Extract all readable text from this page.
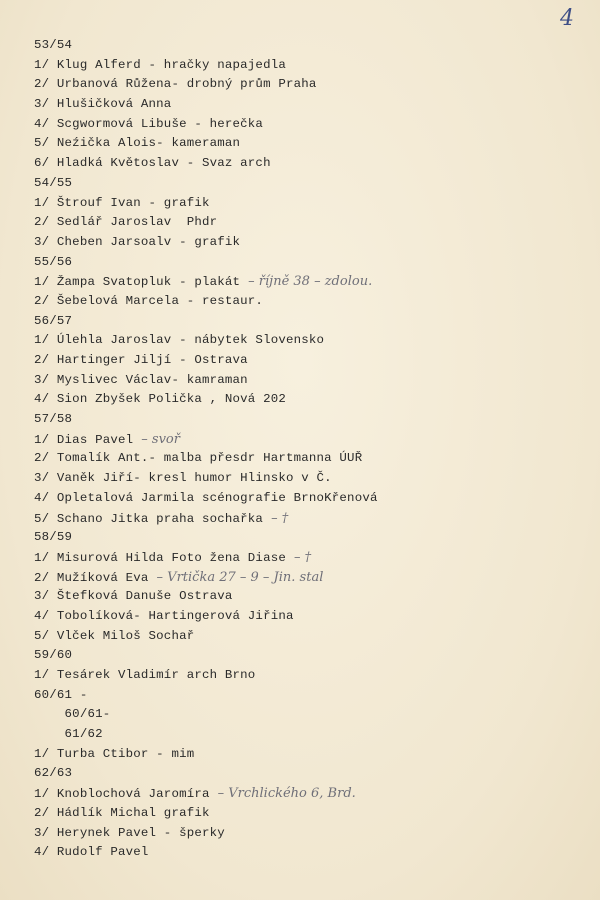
4
53/54
1/ Klug Alferd - hračky napajedla
2/ Urbanová Růžena- drobný prům Praha
3/ Hlušičková Anna
4/ Scgwormová Libuše - herečka
5/ Neźička Alois- kameraman
6/ Hladká Květoslav - Svaz arch
54/55
1/ Štrouf Ivan - grafik
2/ Sedlář Jaroslav  Phdr
3/ Cheben Jarsoalv - grafik
55/56
1/ Žampa Svatopluk - plakát – říjně 38 – zdolou.
2/ Šebelová Marcela - restaur.
56/57
1/ Úlehla Jaroslav - nábytek Slovensko
2/ Hartinger Jiljí - Ostrava
3/ Myslivec Václav- kamraman
4/ Sion Zbyšek Polička , Nová 202
57/58
1/ Dias Pavel – svoř
2/ Tomalík Ant.- malba přesdr Hartmanna ÚUŘ
3/ Vaněk Jiří- kresl humor Hlinsko v Č.
4/ Opletalová Jarmila scénografie BrnoKřenová
5/ Schano Jitka praha sochařka – †
58/59
1/ Misurová Hilda Foto žena Diase – †
2/ Mužíková Eva – Vrtička 27 – 9 – Jin. stal
3/ Štefková Danuše Ostrava
4/ Tobolíková- Hartingerová Jiřina
5/ Vlček Miloš Sochař
59/60
1/ Tesárek Vladimír arch Brno
60/61 -
60/61-
61/62
1/ Turba Ctibor - mim
62/63
1/ Knoblochová Jaromíra – Vrchlického 6, Brd.
2/ Hádlík Michal grafik
3/ Herynek Pavel - šperky
4/ Rudolf Pavel
